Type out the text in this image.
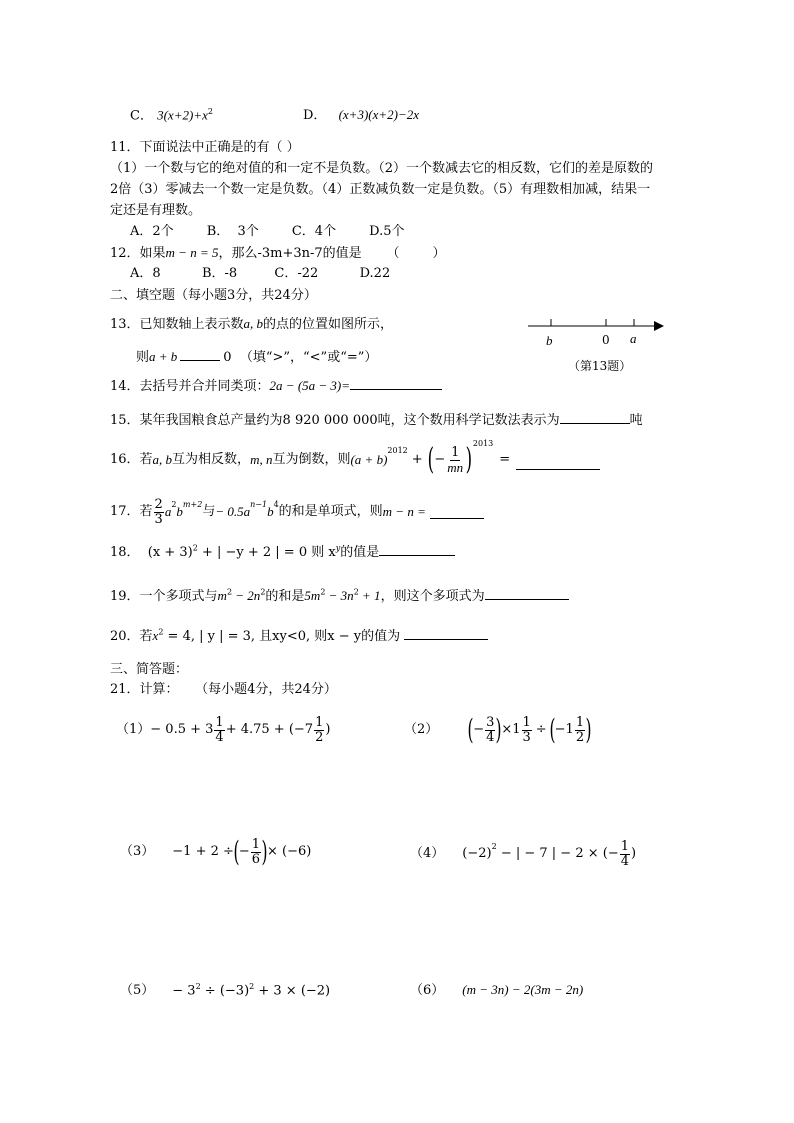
C． $3(x+2)+x^2$	D． (x+3)(x+2)−2x
11．下面说法中正确是的有（ ）
（1）一个数与它的绝对值的和一定不是负数。（2）一个数减去它的相反数，它们的差是原数的
2倍（3）零减去一个数一定是负数。（4）正数减负数一定是负数。（5）有理数相加减，结果一
定还是有理数。
A．2个        B．  3个        C．4个        D.5个
12．如果m − n = 5，那么-3m+3n-7的值是      （        ）
A．8          B．-8         C．-22          D.22
二、填空题（每小题3分，共24分）
13．已知数轴上表示数a, b的点的位置如图所示，
则a + b	0  （填“>”，“<”或“=”）
b	0 a
（第13题）
14．去括号并合并同类项：2a − (5a − 3)=
15．某年我国粮食总产量约为8 920 000 000吨，这个数用科学记数法表示为	吨
16．若 a, b 互为相反数， m, n 互为倒数，则 (a + b)
2012
+ ( − $\frac{1}{mn}$ ) 2013
=
17．若 $\frac{2}{3}$ a 2 b m+2 与 − 0.5a n−1 b 4 的和是单项式，则 m − n =
18．  $(x + 3)^2$ + | −y + 2 | = 0 则 $x^y$的值是
19．一个多项式与$m^2 - 2n^2$的和是$5m^2 - 3n^2 + 1$，则这个多项式为
20．若$x^2 = 4$, | y | = 3, 且xy<0, 则x − y的值为
三、简答题：
21．计算：    （每小题4分，共24分）
$(1) - 0.5 + 3 \frac{1}{4} + 4.75 + (-7 \frac{1}{2}$ )	（2） ( − $\frac{3}{4}$ ) $\times 1 \frac{1}{3}$ ÷ ( $-1 \frac{1}{2}$ )
（3） −1 + 2 ÷ ( − $\frac{1}{6}$ ) × (−6)	（4） (−2) 2 − | − 7 | − 2 × (− $\frac{1}{4}$ )
$(5) - 3^2 \div (-3)^2 + 3 \times (-2)$	（6） (m − 3n) − 2(3m − 2n)
